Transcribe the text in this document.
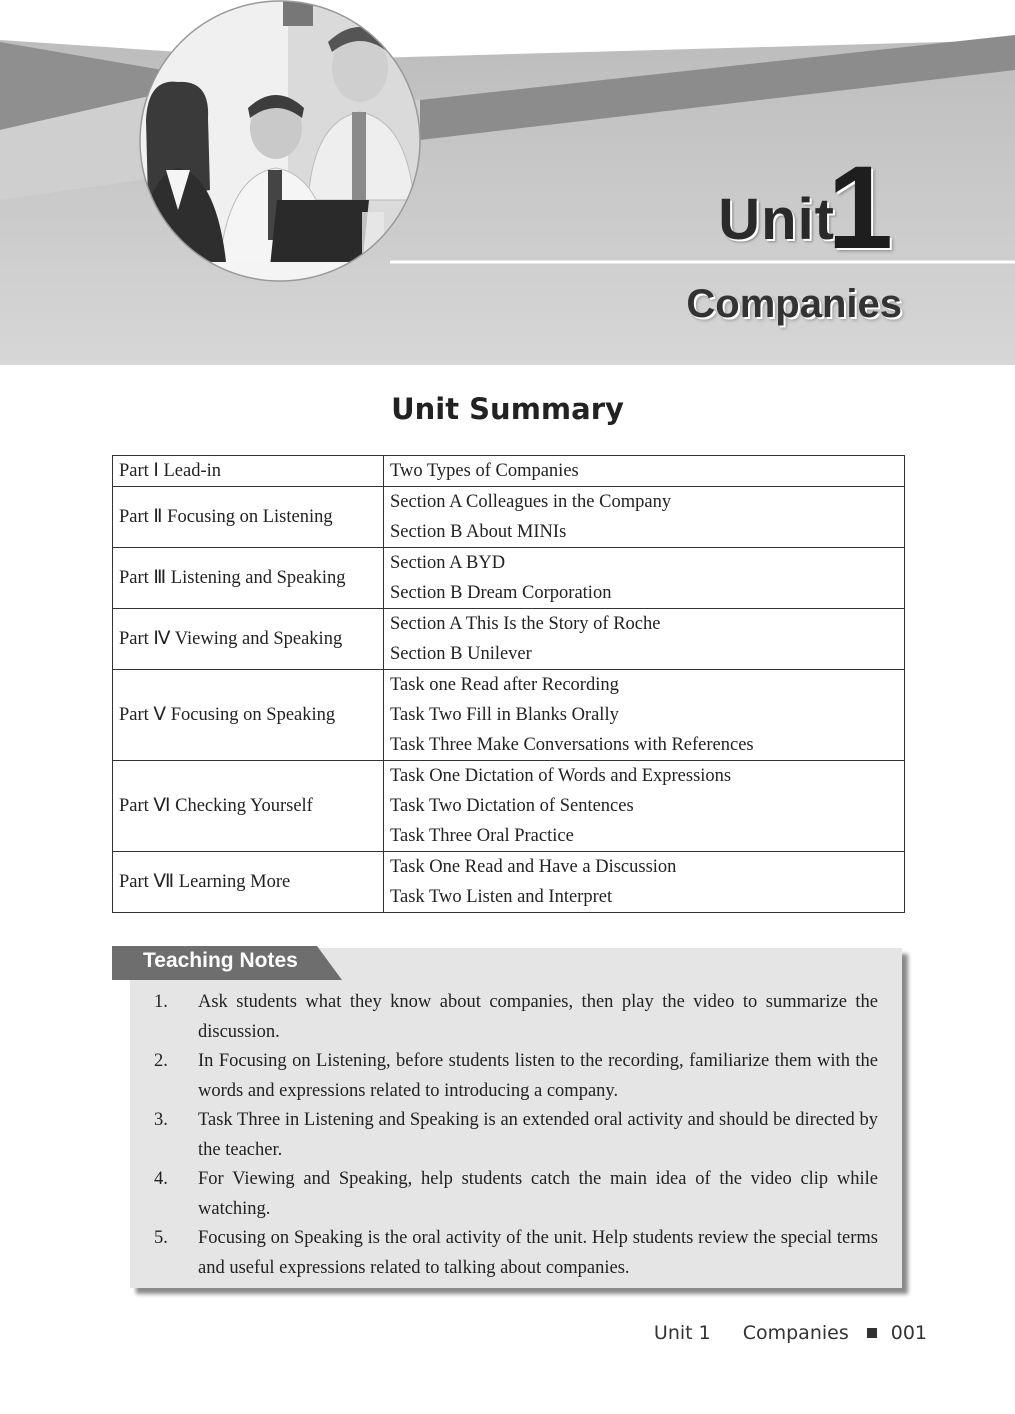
Unit
1
Companies
Unit Summary
Part Ⅰ Lead-in	Two Types of Companies

Part Ⅱ Focusing on Listening	Section A Colleagues in the Company
Section B About MINIs

Part Ⅲ Listening and Speaking	Section A BYD
Section B Dream Corporation

Part Ⅳ Viewing and Speaking	Section A This Is the Story of Roche
Section B Unilever

Part Ⅴ Focusing on Speaking	Task one Read after Recording
Task Two Fill in Blanks Orally
Task Three Make Conversations with References

Part Ⅵ Checking Yourself	Task One Dictation of Words and Expressions
Task Two Dictation of Sentences
Task Three Oral Practice

Part Ⅶ Learning More	Task One Read and Have a Discussion
Task Two Listen and Interpret
Teaching Notes
1. Ask students what they know about companies, then play the video to summarize the discussion.
2. In Focusing on Listening, before students listen to the recording, familiarize them with the words and expressions related to introducing a company.
3. Task Three in Listening and Speaking is an extended oral activity and should be directed by the teacher.
4. For Viewing and Speaking, help students catch the main idea of the video clip while watching.
5. Focusing on Speaking is the oral activity of the unit. Help students review the special terms and useful expressions related to talking about companies.
Unit 1 Companies 001
